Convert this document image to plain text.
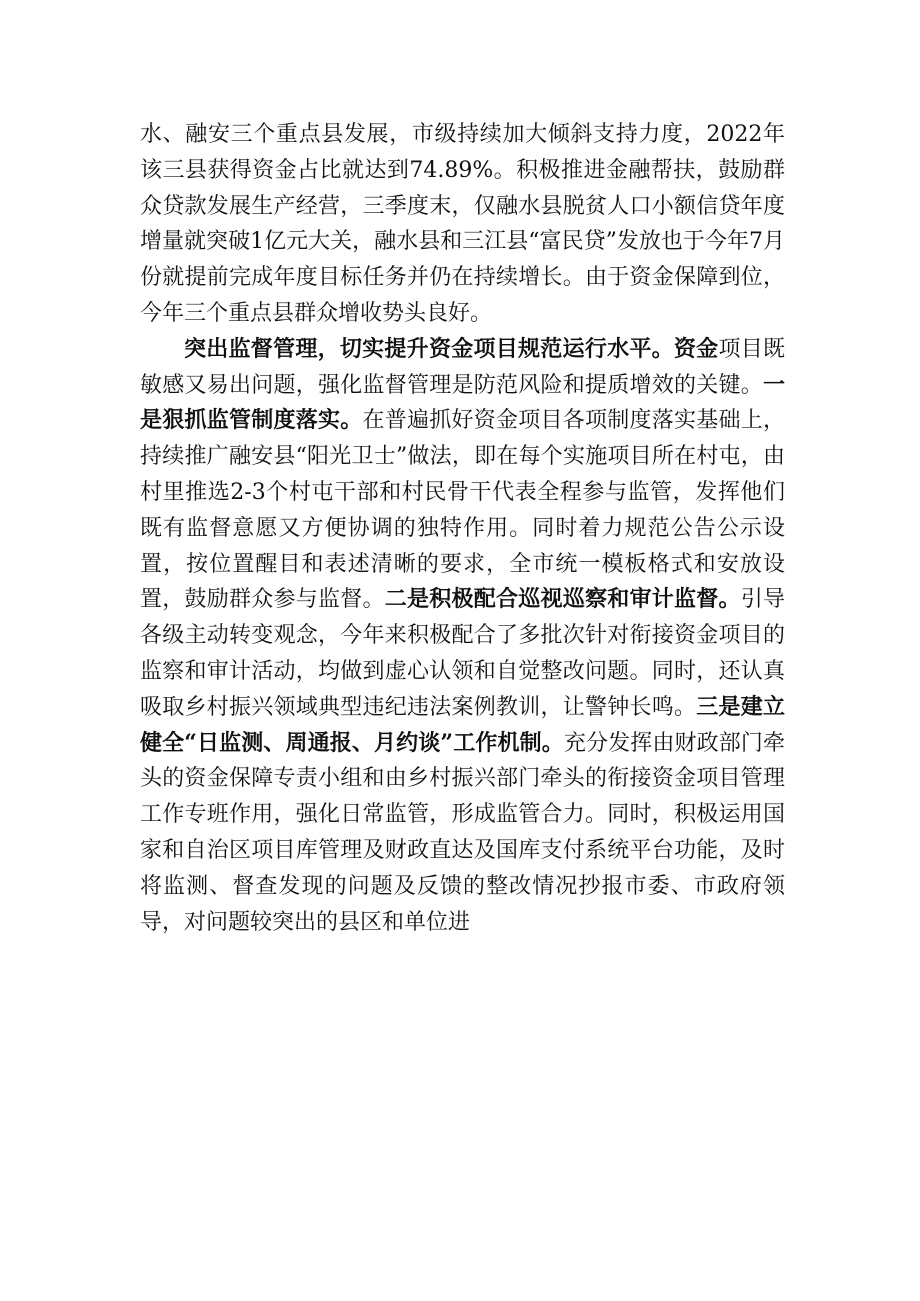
水、融安三个重点县发展，市级持续加大倾斜支持力度，2022年该三县获得资金占比就达到74.89%。积极推进金融帮扶，鼓励群众贷款发展生产经营，三季度末，仅融水县脱贫人口小额信贷年度增量就突破1亿元大关，融水县和三江县“富民贷”发放也于今年7月份就提前完成年度目标任务并仍在持续增长。由于资金保障到位，今年三个重点县群众增收势头良好。

突出监督管理，切实提升资金项目规范运行水平。资金项目既敏感又易出问题，强化监督管理是防范风险和提质增效的关键。一是狠抓监管制度落实。在普遍抓好资金项目各项制度落实基础上，持续推广融安县“阳光卫士”做法，即在每个实施项目所在村屯，由村里推选2-3个村屯干部和村民骨干代表全程参与监管，发挥他们既有监督意愿又方便协调的独特作用。同时着力规范公告公示设置，按位置醒目和表述清晰的要求，全市统一模板格式和安放设置，鼓励群众参与监督。二是积极配合巡视巡察和审计监督。引导各级主动转变观念，今年来积极配合了多批次针对衔接资金项目的监察和审计活动，均做到虚心认领和自觉整改问题。同时，还认真吸取乡村振兴领域典型违纪违法案例教训，让警钟长鸣。三是建立健全“日监测、周通报、月约谈”工作机制。充分发挥由财政部门牵头的资金保障专责小组和由乡村振兴部门牵头的衔接资金项目管理工作专班作用，强化日常监管，形成监管合力。同时，积极运用国家和自治区项目库管理及财政直达及国库支付系统平台功能，及时将监测、督查发现的问题及反馈的整改情况抄报市委、市政府领导，对问题较突出的县区和单位进
